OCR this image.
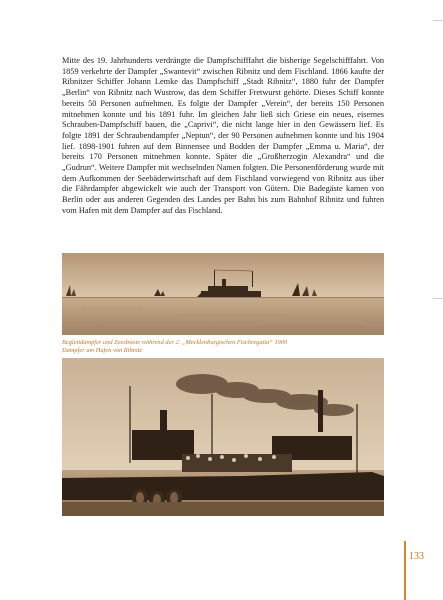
Mitte des 19. Jahrhunderts verdrängte die Dampfschifffahrt die bisherige Segelschifffahrt. Von 1859 verkehrte der Dampfer „Swantevit“ zwischen Ribnitz und dem Fischland. 1866 kaufte der Ribnitzer Schiffer Johann Lemke das Dampfschiff „Stadt Ribnitz“, 1880 fuhr der Dampfer „Berlin“ von Ribnitz nach Wustrow, das dem Schiffer Fretwurst gehörte. Dieses Schiff konnte bereits 50 Personen aufnehmen. Es folgte der Dampfer „Verein“, der bereits 150 Personen mitnehmen konnte und bis 1891 fuhr. Im gleichen Jahr ließ sich Griese ein neues, eisernes Schrauben-Dampfschiff bauen, die „Caprivi“, die nicht lange hier in den Gewässern lief. Es folgte 1891 der Schraubendampfer „Neptun“, der 90 Personen aufnehmen konnte und bis 1904 lief. 1898-1901 fuhren auf dem Binnensee und Bodden der Dampfer „Emma u. Maria“, der bereits 170 Personen mitnehmen konnte. Später die „Großherzogin Alexandra“ und die „Gudrun“. Weitere Dampfer mit wechselnden Namen folgten. Die Personenförderung wurde mit dem Aufkommen der Seebäderwirtschaft auf dem Fischland vorwiegend von Ribnitz aus über die Fährdampfer abgewickelt wie auch der Transport von Gütern. Die Badegäste kamen von Berlin oder aus anderen Gegenden des Landes per Bahn bis zum Bahnhof Ribnitz und fuhren vom Hafen mit dem Dampfer auf das Fischland.

Begleitdampfer und Zeesboote während der 2. „Mecklenburgischen Fischregatta“ 1909
Dampfer am Hafen von Ribnitz
133
